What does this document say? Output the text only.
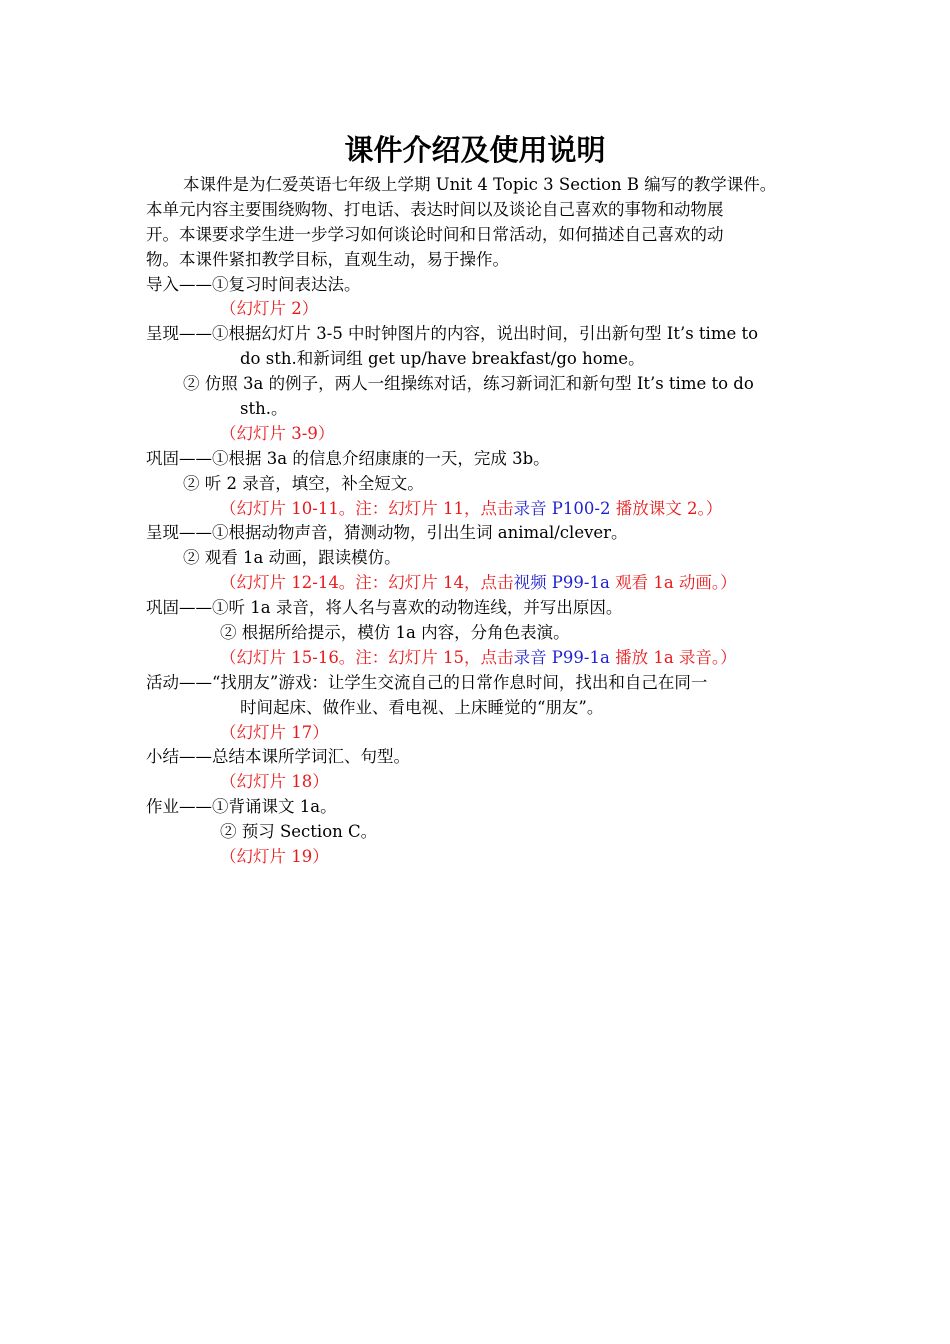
课件介绍及使用说明
本课件是为仁爱英语七年级上学期 Unit 4 Topic 3 Section B 编写的教学课件。
本单元内容主要围绕购物、打电话、表达时间以及谈论自己喜欢的事物和动物展
开。本课要求学生进一步学习如何谈论时间和日常活动，如何描述自己喜欢的动
物。本课件紧扣教学目标，直观生动，易于操作。
导入——①复习时间表达法。
（幻灯片 2）
呈现——①根据幻灯片 3-5 中时钟图片的内容，说出时间，引出新句型 It’s time to
do sth.和新词组 get up/have breakfast/go home。
② 仿照 3a 的例子，两人一组操练对话，练习新词汇和新句型 It’s time to do
sth.。
（幻灯片 3-9）
巩固——①根据 3a 的信息介绍康康的一天，完成 3b。
② 听 2 录音，填空，补全短文。
（幻灯片 10-11。注：幻灯片 11，点击录音 P100-2 播放课文 2。）
呈现——①根据动物声音，猜测动物，引出生词 animal/clever。
② 观看 1a 动画，跟读模仿。
（幻灯片 12-14。注：幻灯片 14，点击视频 P99-1a 观看 1a 动画。）
巩固——①听 1a 录音，将人名与喜欢的动物连线，并写出原因。
② 根据所给提示，模仿 1a 内容，分角色表演。
（幻灯片 15-16。注：幻灯片 15，点击录音 P99-1a 播放 1a 录音。）
活动——“找朋友”游戏：让学生交流自己的日常作息时间，找出和自己在同一
时间起床、做作业、看电视、上床睡觉的“朋友”。
（幻灯片 17）
小结——总结本课所学词汇、句型。
（幻灯片 18）
作业——①背诵课文 1a。
② 预习 Section C。
（幻灯片 19）
